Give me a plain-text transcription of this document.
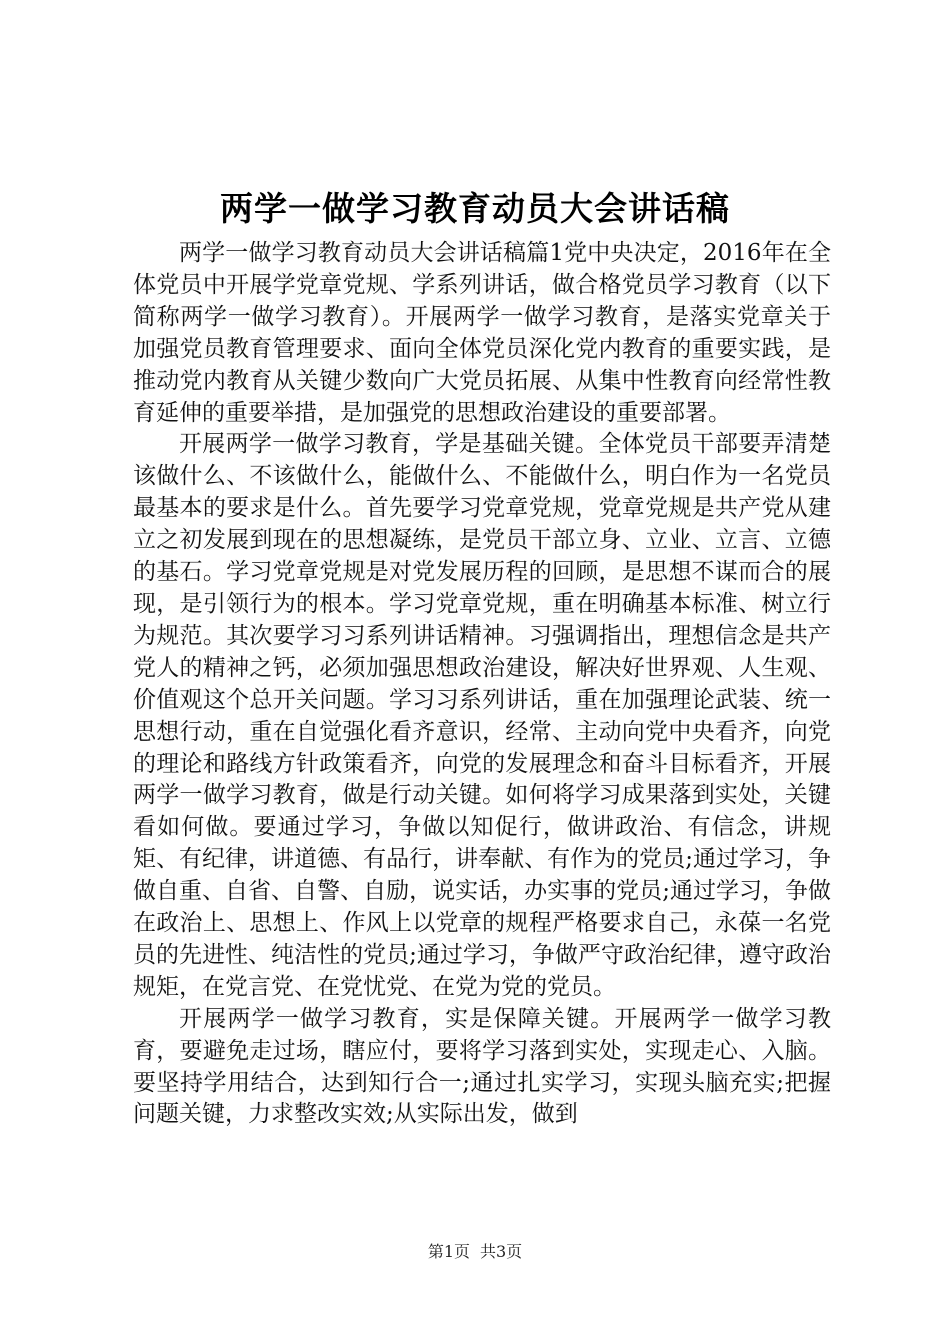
两学一做学习教育动员大会讲话稿

两学一做学习教育动员大会讲话稿篇1党中央决定，2016年在全体党员中开展学党章党规、学系列讲话，做合格党员学习教育（以下简称两学一做学习教育）。开展两学一做学习教育，是落实党章关于加强党员教育管理要求、面向全体党员深化党内教育的重要实践，是推动党内教育从关键少数向广大党员拓展、从集中性教育向经常性教育延伸的重要举措，是加强党的思想政治建设的重要部署。

开展两学一做学习教育，学是基础关键。全体党员干部要弄清楚该做什么、不该做什么，能做什么、不能做什么，明白作为一名党员最基本的要求是什么。首先要学习党章党规，党章党规是共产党从建立之初发展到现在的思想凝练，是党员干部立身、立业、立言、立德的基石。学习党章党规是对党发展历程的回顾，是思想不谋而合的展现，是引领行为的根本。学习党章党规，重在明确基本标准、树立行为规范。其次要学习习系列讲话精神。习强调指出，理想信念是共产党人的精神之钙，必须加强思想政治建设，解决好世界观、人生观、价值观这个总开关问题。学习习系列讲话，重在加强理论武装、统一思想行动，重在自觉强化看齐意识，经常、主动向党中央看齐，向党的理论和路线方针政策看齐，向党的发展理念和奋斗目标看齐，开展两学一做学习教育，做是行动关键。如何将学习成果落到实处，关键看如何做。要通过学习，争做以知促行，做讲政治、有信念，讲规矩、有纪律，讲道德、有品行，讲奉献、有作为的党员;通过学习，争做自重、自省、自警、自励，说实话，办实事的党员;通过学习，争做在政治上、思想上、作风上以党章的规程严格要求自己，永葆一名党员的先进性、纯洁性的党员;通过学习，争做严守政治纪律，遵守政治规矩，在党言党、在党忧党、在党为党的党员。

开展两学一做学习教育，实是保障关键。开展两学一做学习教育，要避免走过场，瞎应付，要将学习落到实处，实现走心、入脑。要坚持学用结合，达到知行合一;通过扎实学习，实现头脑充实;把握问题关键，力求整改实效;从实际出发，做到

第1页 共3页
